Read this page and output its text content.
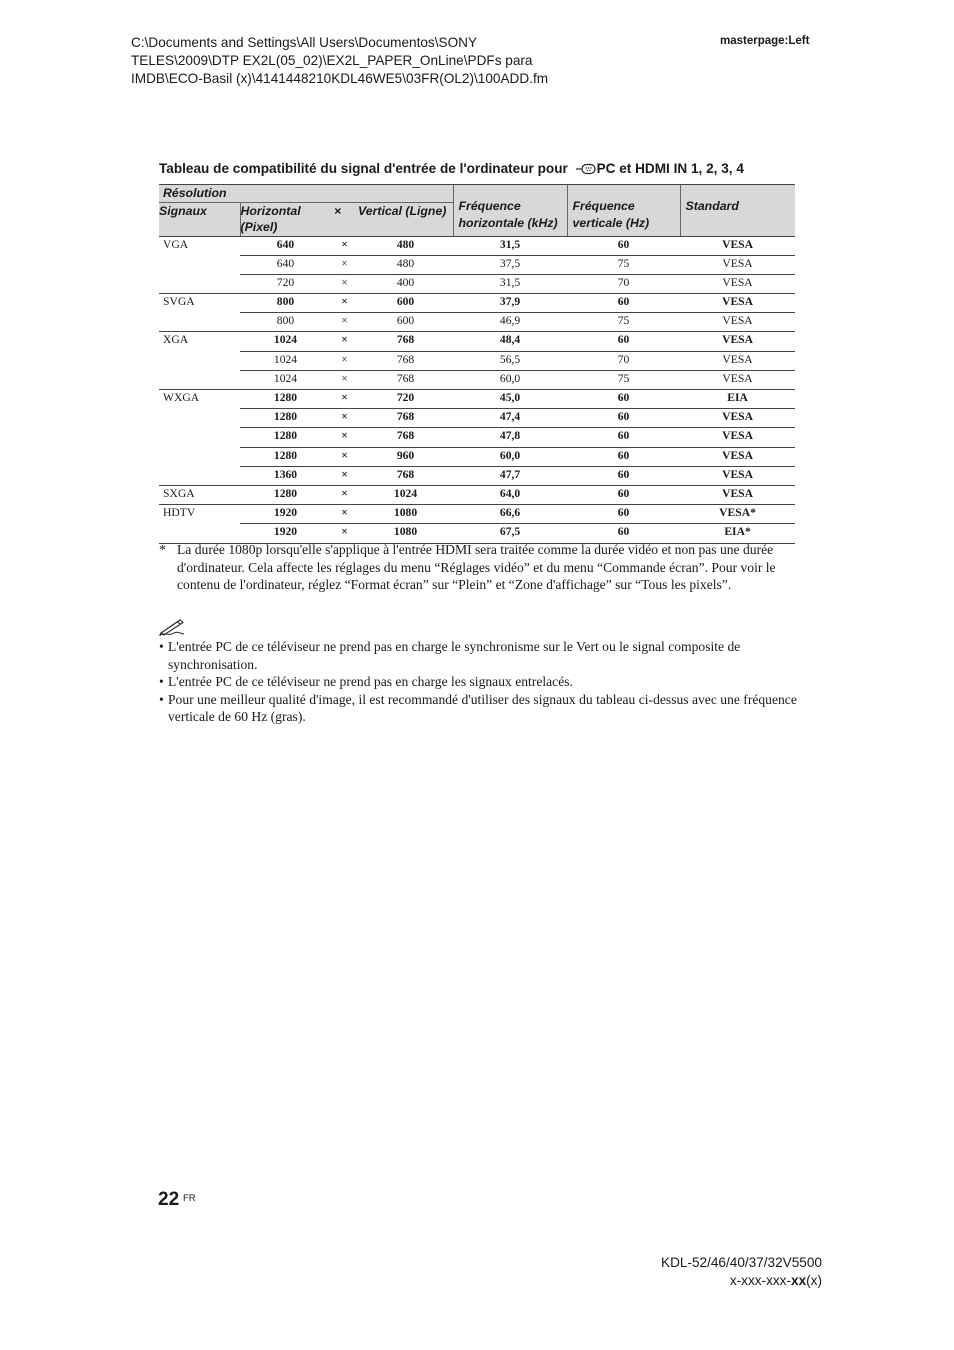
C:\Documents and Settings\All Users\Documentos\SONY
TELES\2009\DTP EX2L(05_02)\EX2L_PAPER_OnLine\PDFs para
IMDB\ECO-Basil (x)\4141448210KDL46WE5\03FR(OL2)\100ADD.fm
masterpage:Left
Tableau de compatibilité du signal d'entrée de l'ordinateur pour PC et HDMI IN 1, 2, 3, 4
Résolution				Fréquence horizontale (kHz)	Fréquence verticale (Hz)	Standard
Signaux	Horizontal (Pixel)	×	Vertical (Ligne)			
VGA	640	×	480	31,5	60	VESA
	640	×	480	37,5	75	VESA
	720	×	400	31,5	70	VESA
SVGA	800	×	600	37,9	60	VESA
	800	×	600	46,9	75	VESA
XGA	1024	×	768	48,4	60	VESA
	1024	×	768	56,5	70	VESA
	1024	×	768	60,0	75	VESA
WXGA	1280	×	720	45,0	60	EIA
	1280	×	768	47,4	60	VESA
	1280	×	768	47,8	60	VESA
	1280	×	960	60,0	60	VESA
	1360	×	768	47,7	60	VESA
SXGA	1280	×	1024	64,0	60	VESA
HDTV	1920	×	1080	66,6	60	VESA*
	1920	×	1080	67,5	60	EIA*
* La durée 1080p lorsqu'elle s'applique à l'entrée HDMI sera traitée comme la durée vidéo et non pas une durée d'ordinateur. Cela affecte les réglages du menu “Réglages vidéo” et du menu “Commande écran”. Pour voir le contenu de l'ordinateur, réglez “Format écran” sur “Plein” et “Zone d'affichage” sur “Tous les pixels”.
• L'entrée PC de ce téléviseur ne prend pas en charge le synchronisme sur le Vert ou le signal composite de synchronisation.
• L'entrée PC de ce téléviseur ne prend pas en charge les signaux entrelacés.
• Pour une meilleur qualité d'image, il est recommandé d'utiliser des signaux du tableau ci-dessus avec une fréquence verticale de 60 Hz (gras).
22 FR
KDL-52/46/40/37/32V5500
x-xxx-xxx-xx(x)
